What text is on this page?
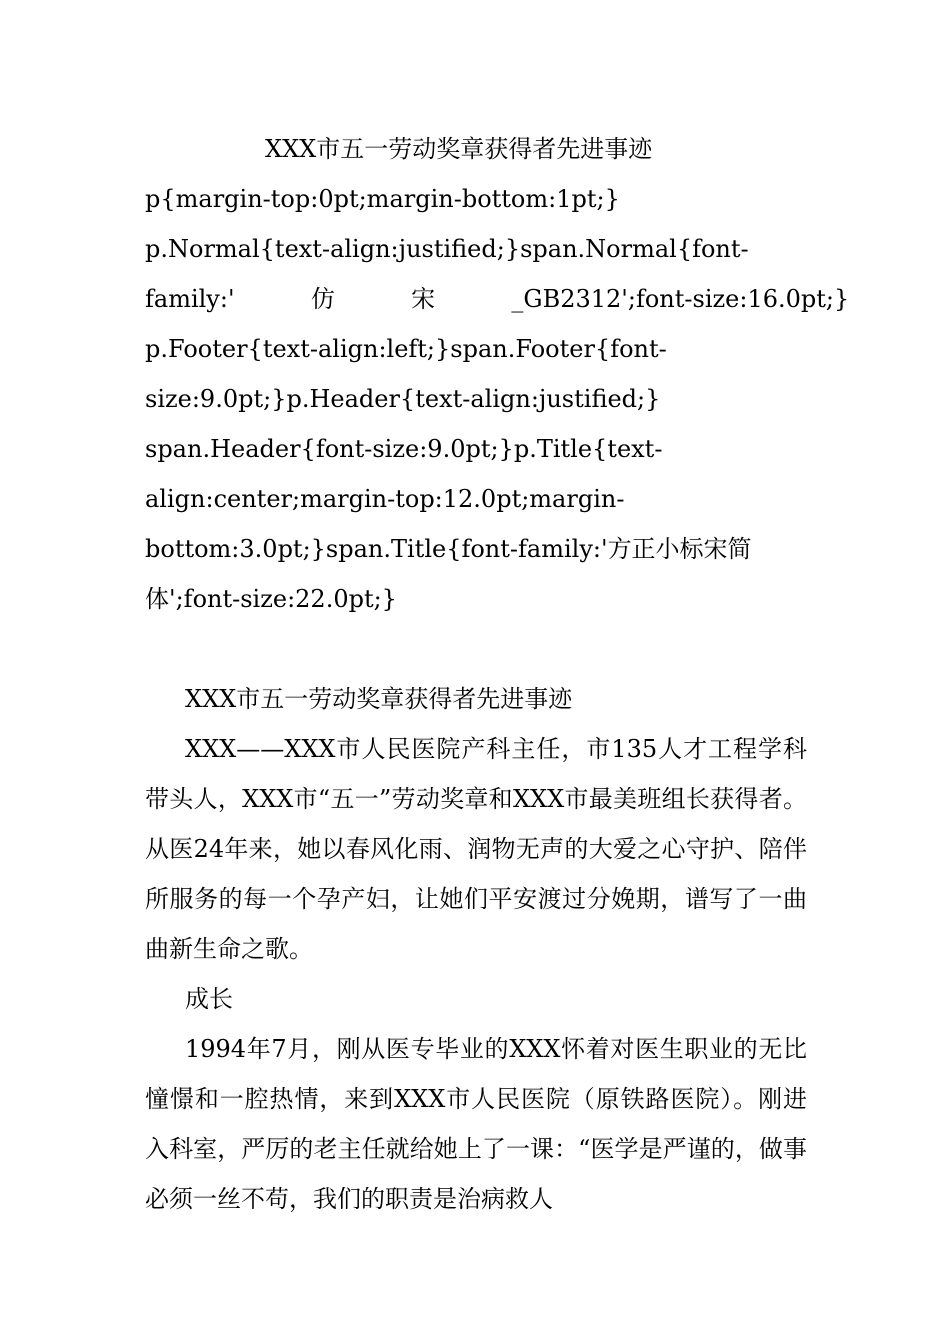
XXX市五一劳动奖章获得者先进事迹

p{margin-top:0pt;margin-bottom:1pt;}
p.Normal{text-align:justified;}span.Normal{font-
family:'          仿          宋          _GB2312';font-size:16.0pt;}
p.Footer{text-align:left;}span.Footer{font-
size:9.0pt;}p.Header{text-align:justified;}
span.Header{font-size:9.0pt;}p.Title{text-
align:center;margin-top:12.0pt;margin-
bottom:3.0pt;}span.Title{font-family:'方正小标宋简
体';font-size:22.0pt;}

XXX市五一劳动奖章获得者先进事迹

XXX——XXX市人民医院产科主任，市135人才工程学科带头人，XXX市“五一”劳动奖章和XXX市最美班组长获得者。从医24年来，她以春风化雨、润物无声的大爱之心守护、陪伴所服务的每一个孕产妇，让她们平安渡过分娩期，谱写了一曲曲新生命之歌。

成长

1994年7月，刚从医专毕业的XXX怀着对医生职业的无比憧憬和一腔热情，来到XXX市人民医院（原铁路医院）。刚进入科室，严厉的老主任就给她上了一课：“医学是严谨的，做事必须一丝不苟，我们的职责是治病救人
